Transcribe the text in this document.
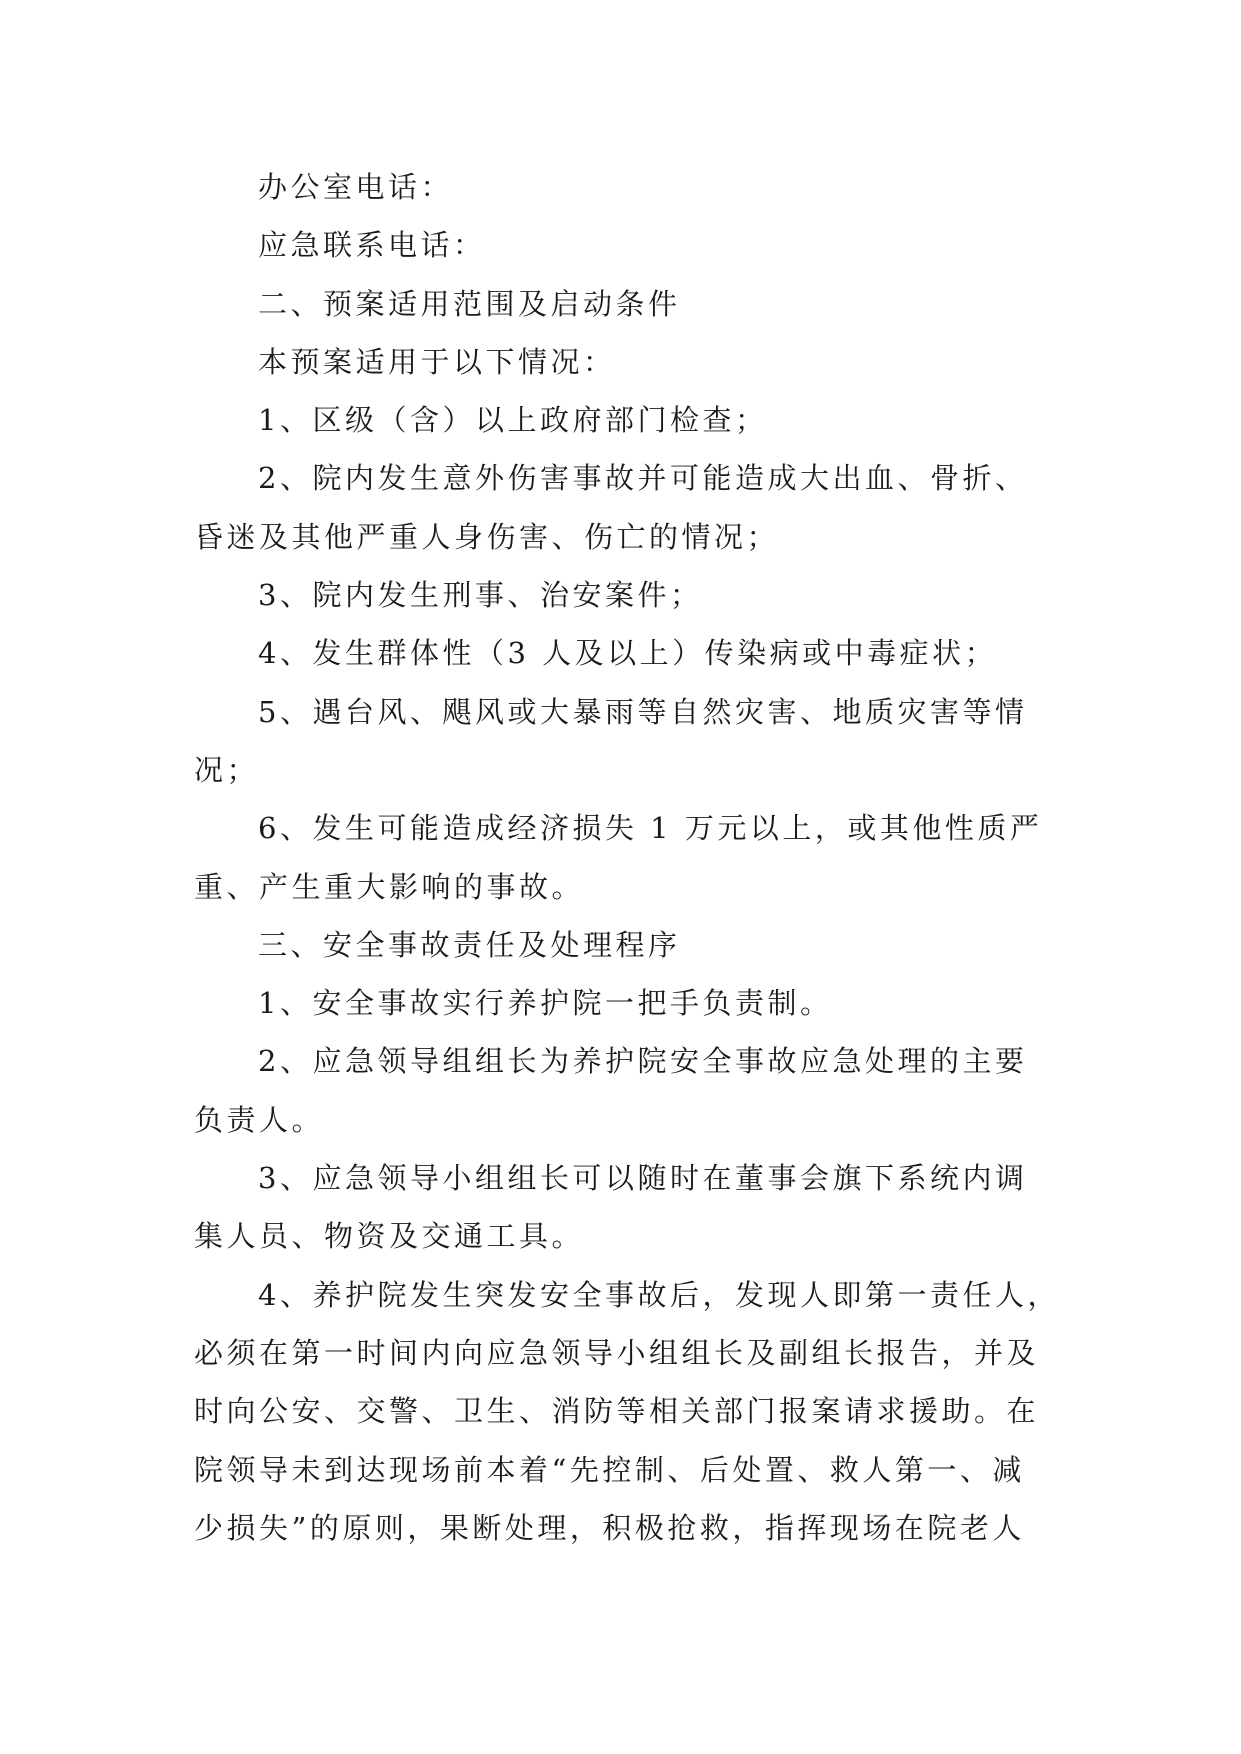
办公室电话：
应急联系电话：
二、预案适用范围及启动条件
本预案适用于以下情况：
1、区级（含）以上政府部门检查；
2、院内发生意外伤害事故并可能造成大出血、骨折、
昏迷及其他严重人身伤害、伤亡的情况；
3、院内发生刑事、治安案件；
4、发生群体性（3 人及以上）传染病或中毒症状；
5、遇台风、飓风或大暴雨等自然灾害、地质灾害等情
况；
6、发生可能造成经济损失 1 万元以上，或其他性质严
重、产生重大影响的事故。
三、安全事故责任及处理程序
1、安全事故实行养护院一把手负责制。
2、应急领导组组长为养护院安全事故应急处理的主要
负责人。
3、应急领导小组组长可以随时在董事会旗下系统内调
集人员、物资及交通工具。
4、养护院发生突发安全事故后，发现人即第一责任人，
必须在第一时间内向应急领导小组组长及副组长报告，并及
时向公安、交警、卫生、消防等相关部门报案请求援助。在
院领导未到达现场前本着“先控制、后处置、救人第一、减
少损失”的原则，果断处理，积极抢救，指挥现场在院老人
